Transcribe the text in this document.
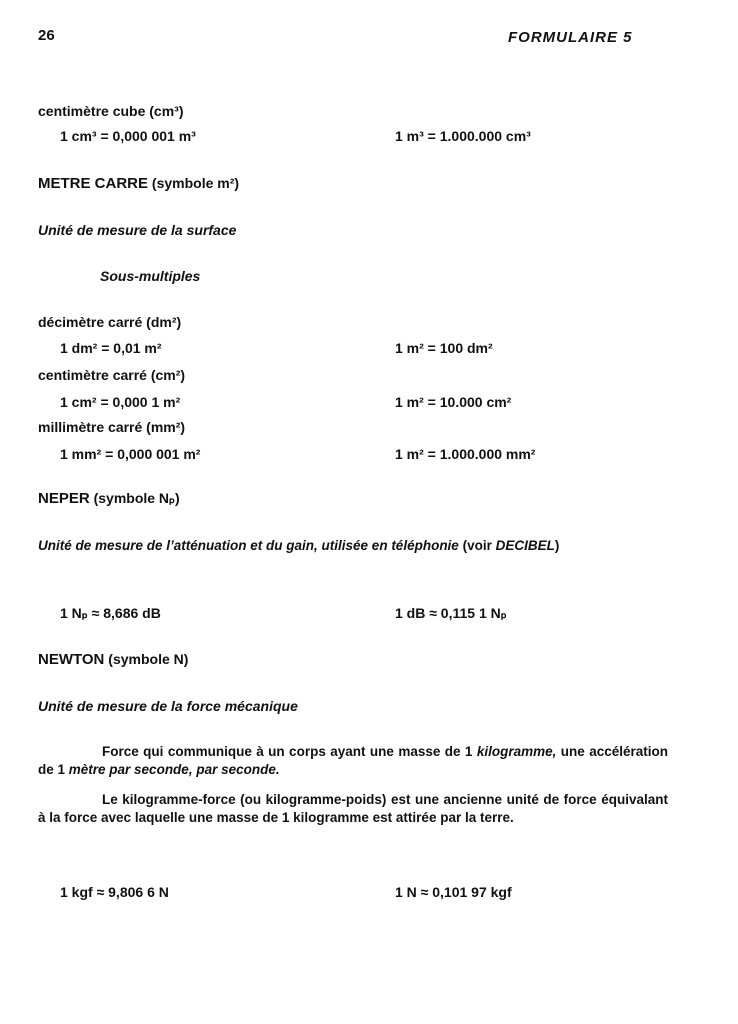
26	FORMULAIRE 5
centimètre cube (cm³)
1 cm³ = 0,000 001 m³	1 m³ = 1.000.000 cm³
METRE CARRE (symbole m²)
Unité de mesure de la surface
Sous-multiples
décimètre carré (dm²)
1 dm² = 0,01 m²	1 m² = 100 dm²
centimètre carré (cm²)
1 cm² = 0,000 1 m²	1 m² = 10.000 cm²
millimètre carré (mm²)
1 mm² = 0,000 001 m²	1 m² = 1.000.000 mm²
NEPER (symbole Nₚ)
Unité de mesure de l’atténuation et du gain, utilisée en téléphonie (voir DECIBEL)
1 Nₚ ≈ 8,686 dB	1 dB ≈ 0,115 1 Nₚ
NEWTON (symbole N)
Unité de mesure de la force mécanique
Force qui communique à un corps ayant une masse de 1 kilogramme, une accélération de 1 mètre par seconde, par seconde.
Le kilogramme-force (ou kilogramme-poids) est une ancienne unité de force équivalant à la force avec laquelle une masse de 1 kilogramme est attirée par la terre.
1 kgf ≈ 9,806 6 N	1 N ≈ 0,101 97 kgf
